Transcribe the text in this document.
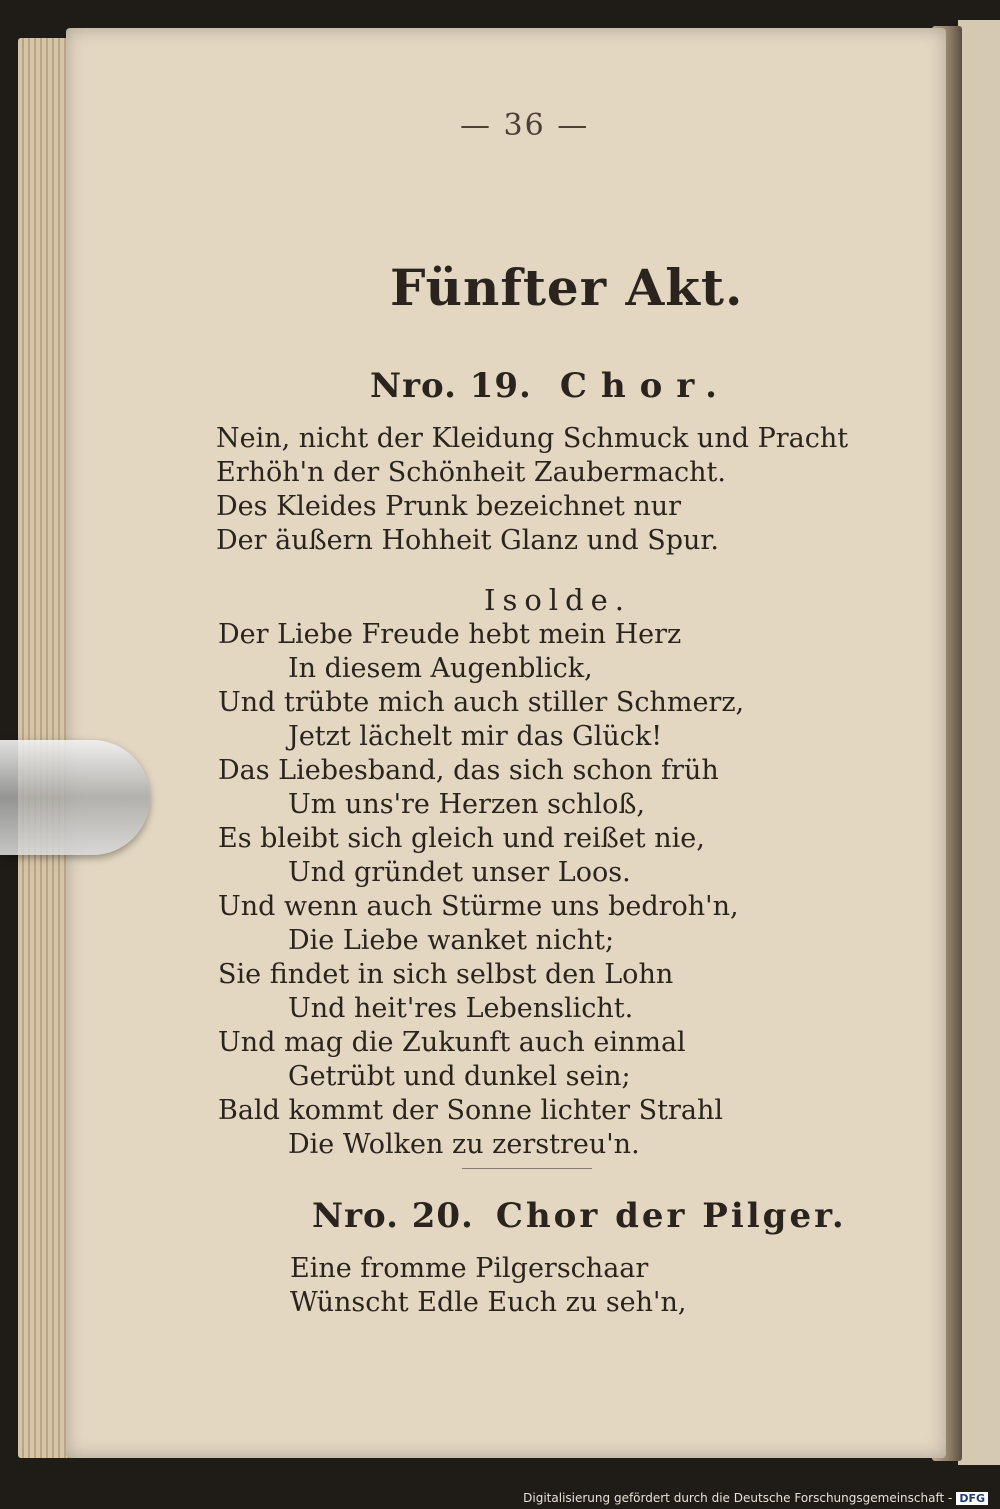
— 36 —

Fünfter Akt.
Nro. 19. Chor.
Nein, nicht der Kleidung Schmuck und Pracht
Erhöh'n der Schönheit Zaubermacht.
Des Kleides Prunk bezeichnet nur
Der äußern Hohheit Glanz und Spur.

Isolde.

Der Liebe Freude hebt mein Herz
In diesem Augenblick,
Und trübte mich auch stiller Schmerz,
Jetzt lächelt mir das Glück!
Das Liebesband, das sich schon früh
Um uns're Herzen schloß,
Es bleibt sich gleich und reißet nie,
Und gründet unser Loos.
Und wenn auch Stürme uns bedroh'n,
Die Liebe wanket nicht;
Sie findet in sich selbst den Lohn
Und heit'res Lebenslicht.
Und mag die Zukunft auch einmal
Getrübt und dunkel sein;
Bald kommt der Sonne lichter Strahl
Die Wolken zu zerstreu'n.
Nro. 20. Chor der Pilger.
Eine fromme Pilgerschaar
Wünscht Edle Euch zu seh'n,
Digitalisierung gefördert durch die Deutsche Forschungsgemeinschaft - DFG
